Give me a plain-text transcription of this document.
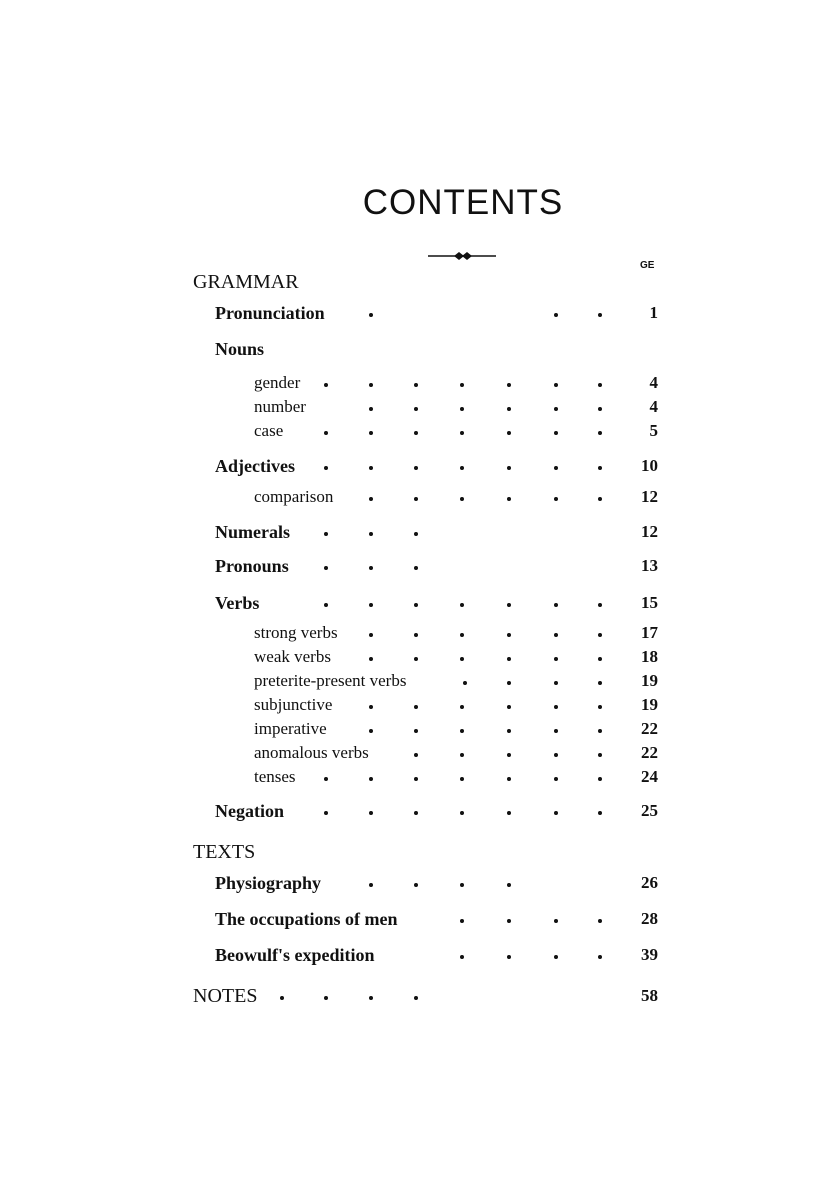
CONTENTS
GE
GRAMMAR
Pronunciation	1
Nouns
gender	4
number	4
case	5
Adjectives	10
comparison	12
Numerals	12
Pronouns	13
Verbs	15
strong verbs	17
weak verbs	18
preterite-present verbs	19
subjunctive	19
imperative	22
anomalous verbs	22
tenses	24
Negation	25
TEXTS
Physiography	26
The occupations of men	28
Beowulf's expedition	39
NOTES	58
